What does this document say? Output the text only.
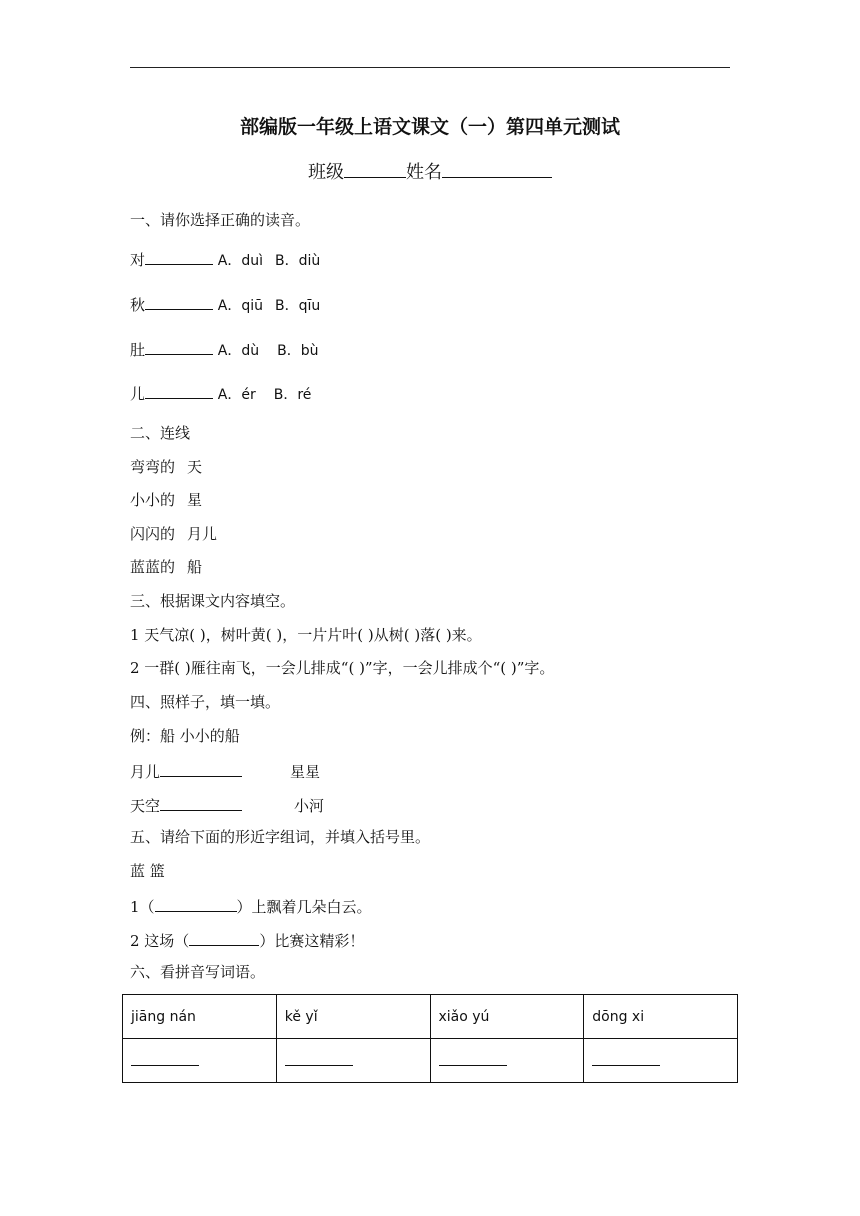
部编版一年级上语文课文（一）第四单元测试
班级	姓名
一、请你选择正确的读音。
对	A．duì B．diù
秋	A．qiū B．qīu
肚	A．dù B．bù
儿	A．ér B．ré
二、连线
弯弯的 天
小小的 星
闪闪的 月儿
蓝蓝的 船
三、根据课文内容填空。
1 天气凉( )，树叶黄( )，一片片叶( )从树( )落( )来。
2 一群( )雁往南飞，一会儿排成“( )”字，一会儿排成个“( )”字。
四、照样子，填一填。
例：船 小小的船
月儿	星星
天空	小河
五、请给下面的形近字组词，并填入括号里。
蓝 篮
1（	）上飘着几朵白云。
2 这场（	）比赛这精彩！
六、看拼音写词语。
jiāng nán	kě yǐ	xiǎo yú	dōng xi
